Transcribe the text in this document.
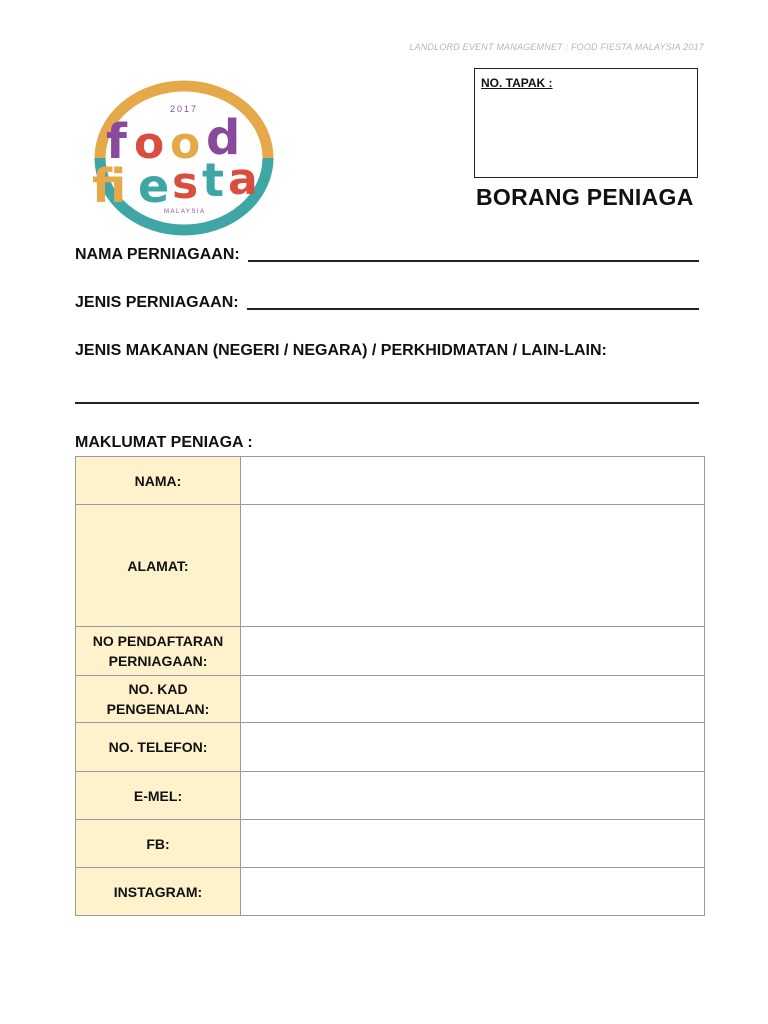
LANDLORD EVENT MANAGEMNET : FOOD FIESTA MALAYSIA 2017
2017
f o o d
fi e s t a
MALAYSIA
NO. TAPAK :
BORANG PENIAGA
NAMA PERNIAGAAN:
JENIS PERNIAGAAN:
JENIS MAKANAN (NEGERI / NEGARA) / PERKHIDMATAN / LAIN-LAIN:
MAKLUMAT PENIAGA :
NAMA:	
ALAMAT:	
NO PENDAFTARAN PERNIAGAAN:	
NO. KAD PENGENALAN:	
NO. TELEFON:	
E-MEL:	
FB:	
INSTAGRAM:	
